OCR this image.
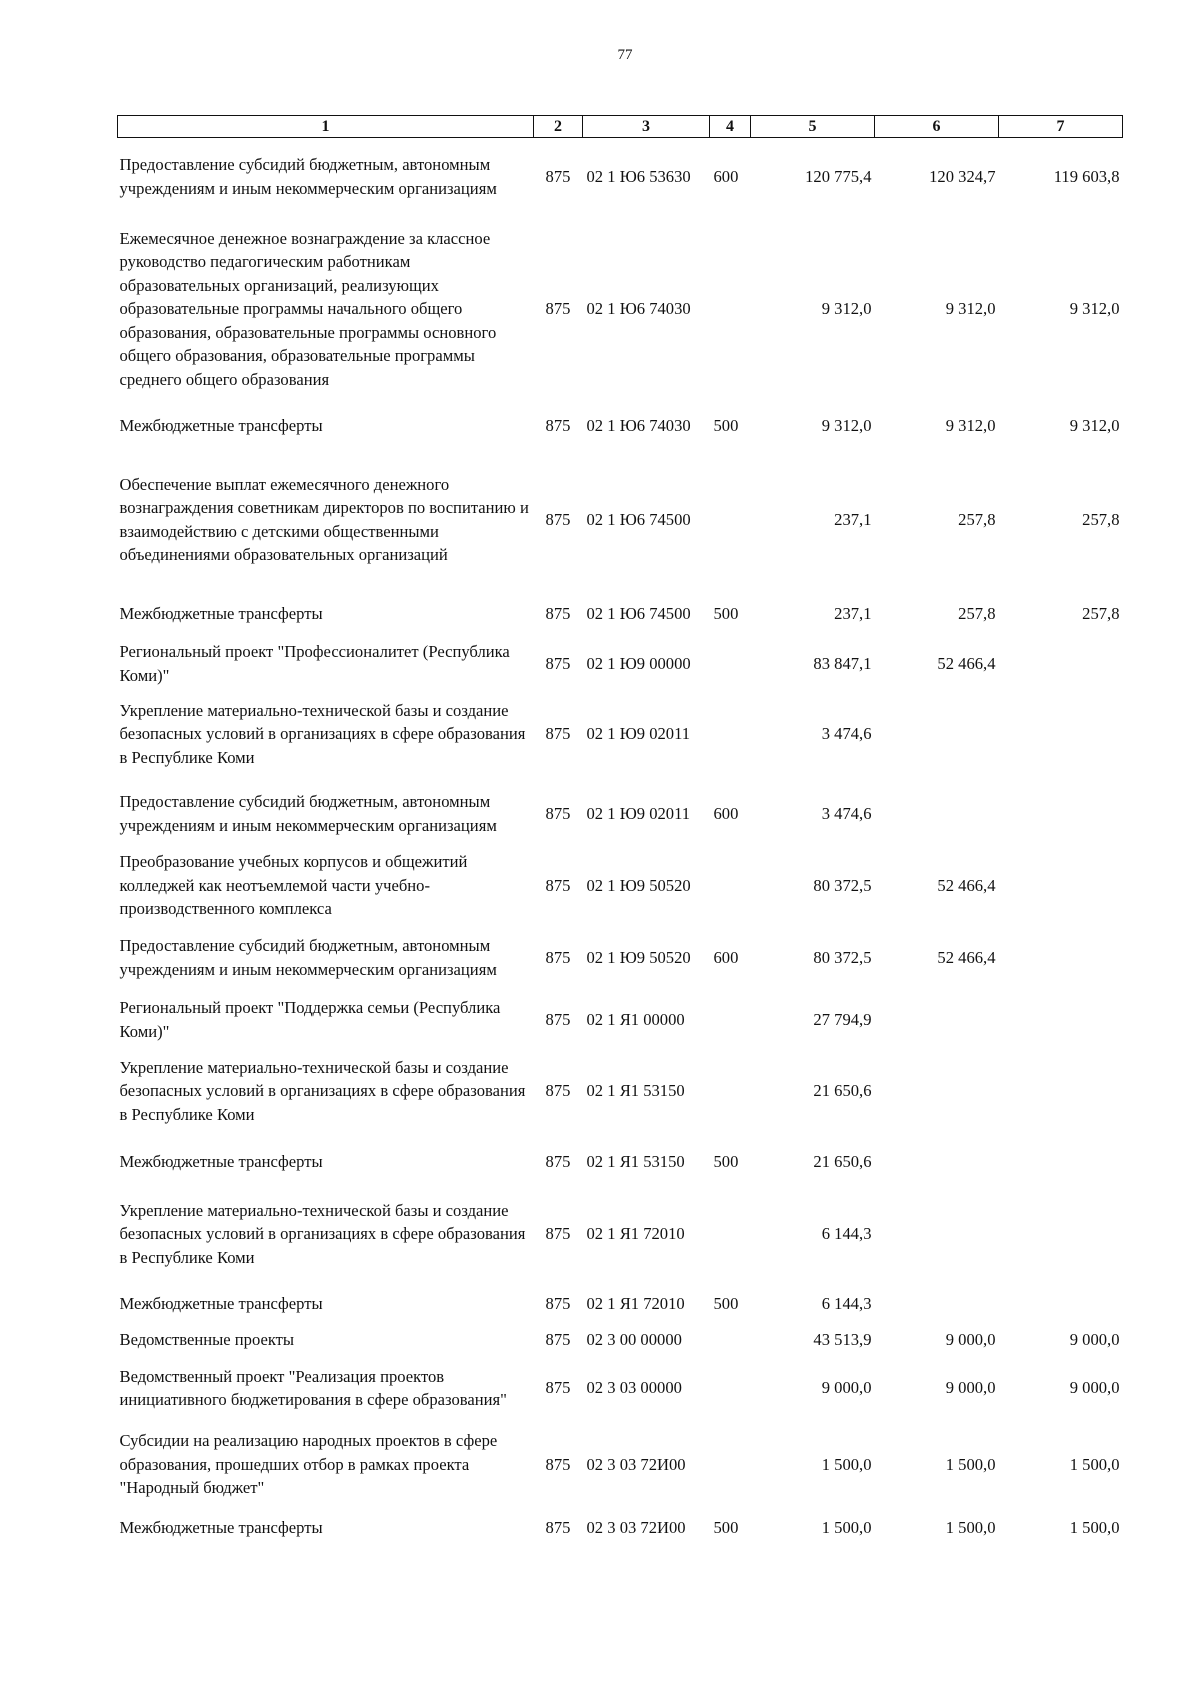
77
1	2	3	4	5	6	7
Предоставление субсидий бюджетным, автономным учреждениям и иным некоммерческим организациям	875	02 1 Ю6 53630	600	120 775,4	120 324,7	119 603,8
Ежемесячное денежное вознаграждение за классное руководство педагогическим работникам образовательных организаций, реализующих образовательные программы начального общего образования, образовательные программы основного общего образования, образовательные программы среднего общего образования	875	02 1 Ю6 74030		9 312,0	9 312,0	9 312,0
Межбюджетные трансферты	875	02 1 Ю6 74030	500	9 312,0	9 312,0	9 312,0
Обеспечение выплат ежемесячного денежного вознаграждения советникам директоров по воспитанию и взаимодействию с детскими общественными объединениями образовательных организаций	875	02 1 Ю6 74500		237,1	257,8	257,8
Межбюджетные трансферты	875	02 1 Ю6 74500	500	237,1	257,8	257,8
Региональный проект "Профессионалитет (Республика Коми)"	875	02 1 Ю9 00000		83 847,1	52 466,4	
Укрепление материально-технической базы и создание безопасных условий в организациях в сфере образования в Республике Коми	875	02 1 Ю9 02011		3 474,6		
Предоставление субсидий бюджетным, автономным учреждениям и иным некоммерческим организациям	875	02 1 Ю9 02011	600	3 474,6		
Преобразование учебных корпусов и общежитий колледжей как неотъемлемой части учебно-производственного комплекса	875	02 1 Ю9 50520		80 372,5	52 466,4	
Предоставление субсидий бюджетным, автономным учреждениям и иным некоммерческим организациям	875	02 1 Ю9 50520	600	80 372,5	52 466,4	
Региональный проект "Поддержка семьи (Республика Коми)"	875	02 1 Я1 00000		27 794,9		
Укрепление материально-технической базы и создание безопасных условий в организациях в сфере образования в Республике Коми	875	02 1 Я1 53150		21 650,6		
Межбюджетные трансферты	875	02 1 Я1 53150	500	21 650,6		
Укрепление материально-технической базы и создание безопасных условий в организациях в сфере образования в Республике Коми	875	02 1 Я1 72010		6 144,3		
Межбюджетные трансферты	875	02 1 Я1 72010	500	6 144,3		
Ведомственные проекты	875	02 3 00 00000		43 513,9	9 000,0	9 000,0
Ведомственный проект "Реализация проектов инициативного бюджетирования в сфере образования"	875	02 3 03 00000		9 000,0	9 000,0	9 000,0
Субсидии на реализацию народных проектов в сфере образования, прошедших отбор в рамках проекта "Народный бюджет"	875	02 3 03 72И00		1 500,0	1 500,0	1 500,0
Межбюджетные трансферты	875	02 3 03 72И00	500	1 500,0	1 500,0	1 500,0
